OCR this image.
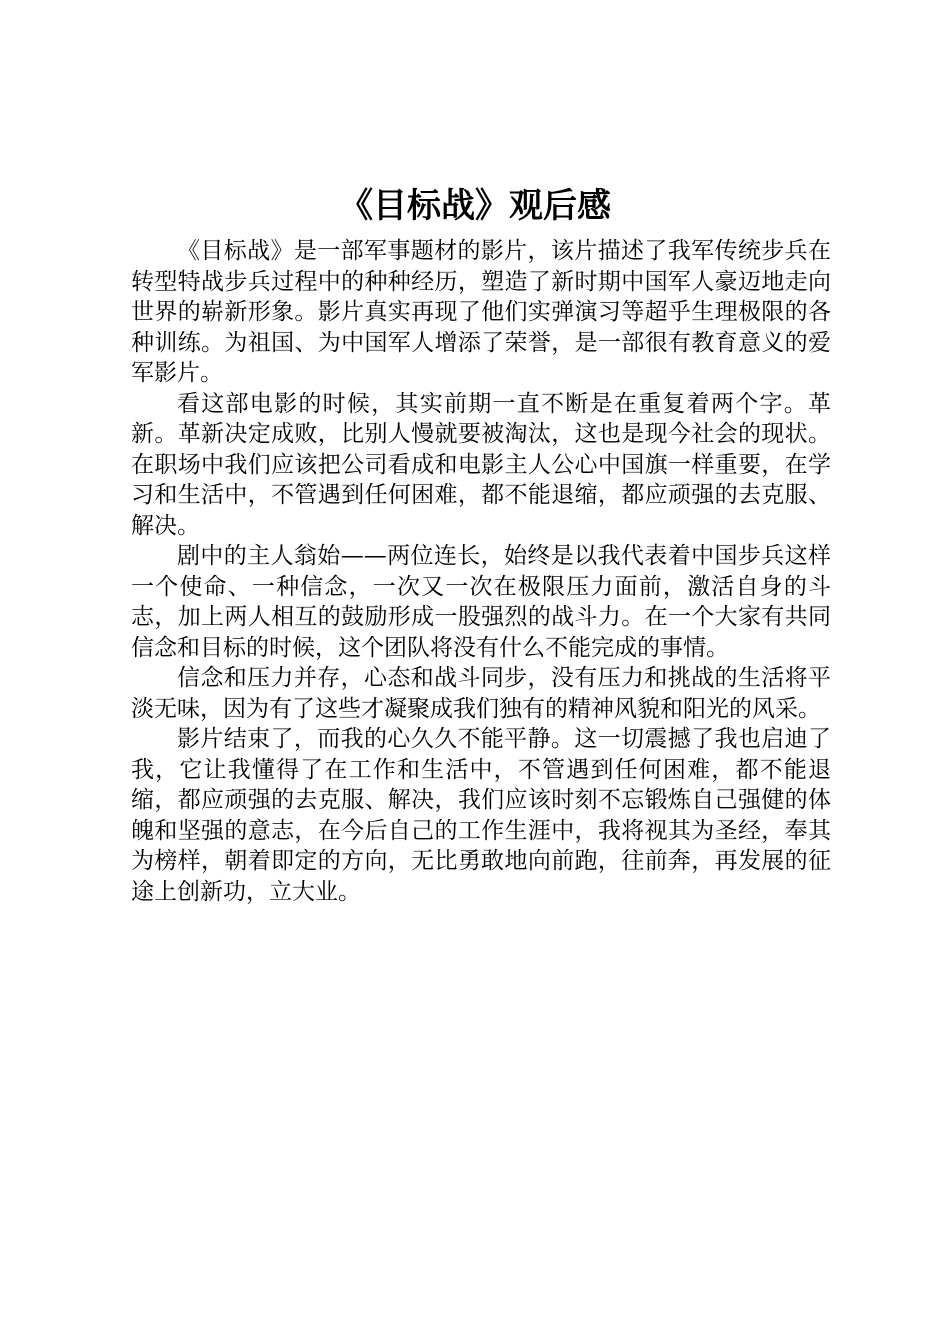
《目标战》观后感

《目标战》是一部军事题材的影片，该片描述了我军传统步兵在转型特战步兵过程中的种种经历，塑造了新时期中国军人豪迈地走向世界的崭新形象。影片真实再现了他们实弹演习等超乎生理极限的各种训练。为祖国、为中国军人增添了荣誉，是一部很有教育意义的爱军影片。

看这部电影的时候，其实前期一直不断是在重复着两个字。革新。革新决定成败，比别人慢就要被淘汰，这也是现今社会的现状。在职场中我们应该把公司看成和电影主人公心中国旗一样重要，在学习和生活中，不管遇到任何困难，都不能退缩，都应顽强的去克服、解决。

剧中的主人翁始——两位连长，始终是以我代表着中国步兵这样一个使命、一种信念，一次又一次在极限压力面前，激活自身的斗志，加上两人相互的鼓励形成一股强烈的战斗力。在一个大家有共同信念和目标的时候，这个团队将没有什么不能完成的事情。

信念和压力并存，心态和战斗同步，没有压力和挑战的生活将平淡无味，因为有了这些才凝聚成我们独有的精神风貌和阳光的风采。

影片结束了，而我的心久久不能平静。这一切震撼了我也启迪了我，它让我懂得了在工作和生活中，不管遇到任何困难，都不能退缩，都应顽强的去克服、解决，我们应该时刻不忘锻炼自己强健的体魄和坚强的意志，在今后自己的工作生涯中，我将视其为圣经，奉其为榜样，朝着即定的方向，无比勇敢地向前跑，往前奔，再发展的征途上创新功，立大业。
